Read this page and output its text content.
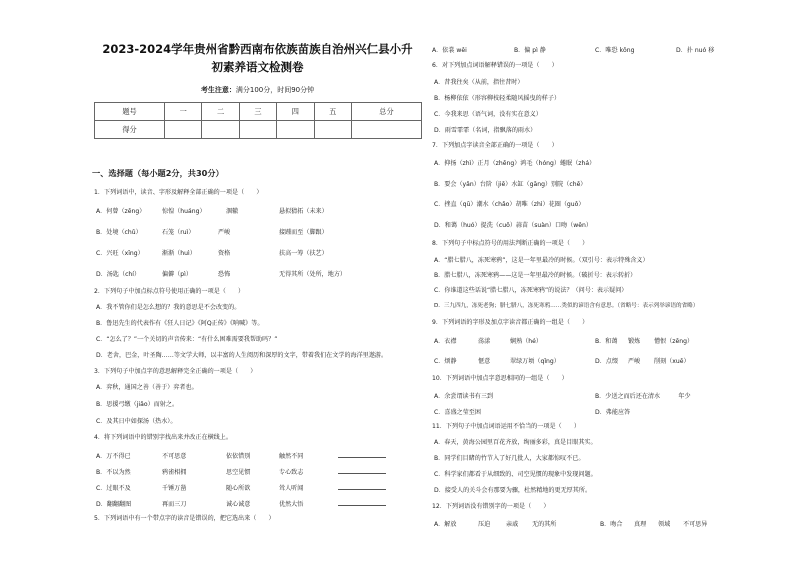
2023-2024学年贵州省黔西南布依族苗族自治州兴仁县小升
初素养语文检测卷
考生注意：满分100分，时间90分钟
题号	一	二	三	四	五	总分
得分						
一、选择题（每小题2分，共30分）
1．下列词语中，读音、字形及解释全部正确的一项是（　　）
A．何曾（zēng）	惊惶（huáng）	涸辙	悬拟猜拓（未来）
B．处境（chǔ）	石笼（ruì）	严峻	接踵而至（脚跟）
C．兴旺（xīng）	渐渐（huì）	资格	扶高一筹（扶艺）
D．汤匙（chí）	偏僻（pì）	恐怖	无得其所（处所，地方）
2．下列句子中加点标点符号使用正确的一项是（　　）
A．我不管你们是怎么想的？我的意思是不会改变的。
B．鲁迅先生的代表作有《狂人日记》《阿Q正传》《呐喊》等。
C．“怎么了？”一个关切的声音传来：“有什么困难需要我帮助吗？”
D．老舍，巴金，叶圣陶……等文学大师，以丰富的人生阅历和深厚的文字，带着我们在文学的海洋里遨游。
3．下列句子中加点字的意思解释完全正确的一项是（　　）
A．弈秋，通国之善（善于）弈者也。
B．思援弓缴（jiǎo）而射之。
C．及其日中如探汤（热水）。
4．将下列词语中的错别字找出来并改正在横线上。
A．万不得已	不可思意	依依惜别	触然不同
B．不以为然	鸦雀相拥	思空见惯	专心致志
C．过眼不及	千锤万凿	随心所欲	耸人听闻
D．翻翻翻图	再而三刀	诚心诚意	优然大悟
5．下列词语中有一个带点字的读音是错误的，把它选出来（　　）
A．依裳 wěi	B．偏 pì 静	C．唯恐 kǒng	D．扑 nuó 移
6．对下列加点词语解释错误的一项是（　　）
A．昔我往矣（从前，指往昔时）
B．杨柳依依（形容柳枝轻柔随风摇曳的样子）
C．今我来思（语气词，没有实在意义）
D．雨雪霏霏（名词，指飘落的雨水）
7．下列加点字读音全部正确的一项是（　　）
A．抑扬（zhì）正月（zhēng）鸿毛（hóng）蜷眠（zhá）
B．要会（yǎn）台阶（jiē）水缸（gāng）别院（chē）
C．挫直（qū）潮水（chǎo）胡唯（zhì）花圈（guǒ）
D．和蔼（huó）提洗（cuō）蒜苗（suàn）口吻（wěn）
8．下列句子中标点符号的用法判断正确的一项是（　　）
A．“腊七腊八，冻死寒鸦”，这是一年里最冷的时候。（双引号：表示特殊含义）
B．腊七腊八，冻死寒鸦——这是一年里最冷的时候。（破折号：表示转折）
C．你谁道这些话说“腊七腊八，冻死寒鸦”的说法？（问号：表示疑问）
D．三九四九，冻死老狗；腊七腊八，冻死寒鸦……类似的谚语含有意思。（省略号：表示列举谚语的省略）
9．下列词语的字形及加点字读音都正确的一组是（　　）
A．衣襟	荡漾	娴熟（hé）	B．和蔼 锻炼 憎恨（zēng）
C．烦静	惬意	翠绿万顷（qǐng）	D．点缀 严峻 削刻（xuē）
10．下列词语中加点字意思相同的一组是（　　）
A．余尝谓读书有三到	B．少送之而后还在清水　　　年少
C．喜盛之莹至困	D．弗能应答
11．下列句子中加点词语运用不恰当的一项是（　　）
A．春天，黄海公园里百花齐放，绚丽多彩，真是目眼其实。
B．同学们目睹的竹节入了好几批人，大家都惊叹不已。
C．科学家们都看于从细致的、司空见惯的现象中发现问题。
D．接受人的关斗会有那要为骤，杜然精地的更无厚其所。
12．下列词语没有错别字的一项是（　　）
A．解放	压迫	亲戚 无的其所	B．吻合 真理 领域 不可思异
